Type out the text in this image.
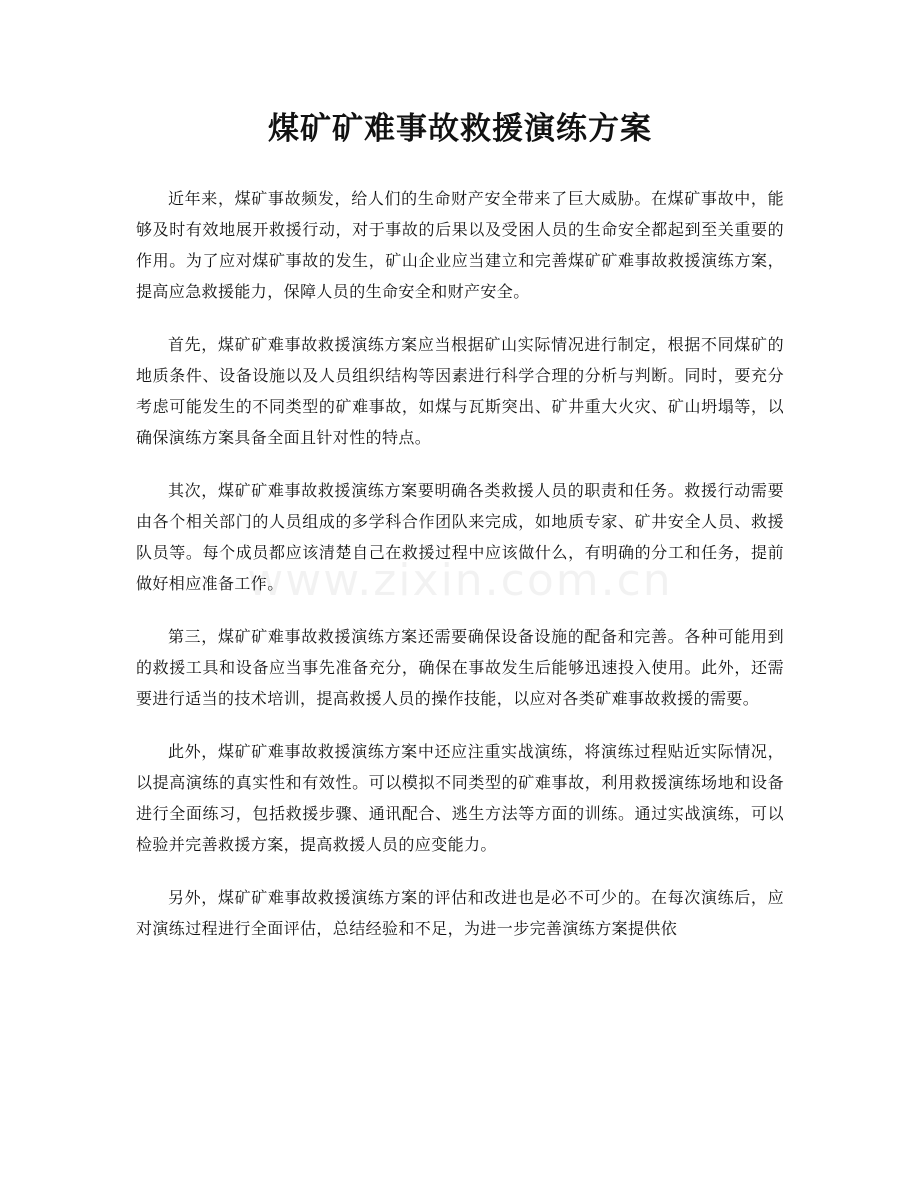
煤矿矿难事故救援演练方案

近年来，煤矿事故频发，给人们的生命财产安全带来了巨大威胁。在煤矿事故中，能够及时有效地展开救援行动，对于事故的后果以及受困人员的生命安全都起到至关重要的作用。为了应对煤矿事故的发生，矿山企业应当建立和完善煤矿矿难事故救援演练方案，提高应急救援能力，保障人员的生命安全和财产安全。

首先，煤矿矿难事故救援演练方案应当根据矿山实际情况进行制定，根据不同煤矿的地质条件、设备设施以及人员组织结构等因素进行科学合理的分析与判断。同时，要充分考虑可能发生的不同类型的矿难事故，如煤与瓦斯突出、矿井重大火灾、矿山坍塌等，以确保演练方案具备全面且针对性的特点。

其次，煤矿矿难事故救援演练方案要明确各类救援人员的职责和任务。救援行动需要由各个相关部门的人员组成的多学科合作团队来完成，如地质专家、矿井安全人员、救援队员等。每个成员都应该清楚自己在救援过程中应该做什么，有明确的分工和任务，提前做好相应准备工作。

第三，煤矿矿难事故救援演练方案还需要确保设备设施的配备和完善。各种可能用到的救援工具和设备应当事先准备充分，确保在事故发生后能够迅速投入使用。此外，还需要进行适当的技术培训，提高救援人员的操作技能，以应对各类矿难事故救援的需要。

此外，煤矿矿难事故救援演练方案中还应注重实战演练，将演练过程贴近实际情况，以提高演练的真实性和有效性。可以模拟不同类型的矿难事故，利用救援演练场地和设备进行全面练习，包括救援步骤、通讯配合、逃生方法等方面的训练。通过实战演练，可以检验并完善救援方案，提高救援人员的应变能力。

另外，煤矿矿难事故救援演练方案的评估和改进也是必不可少的。在每次演练后，应对演练过程进行全面评估，总结经验和不足，为进一步完善演练方案提供依

www.zixin.com.cn
